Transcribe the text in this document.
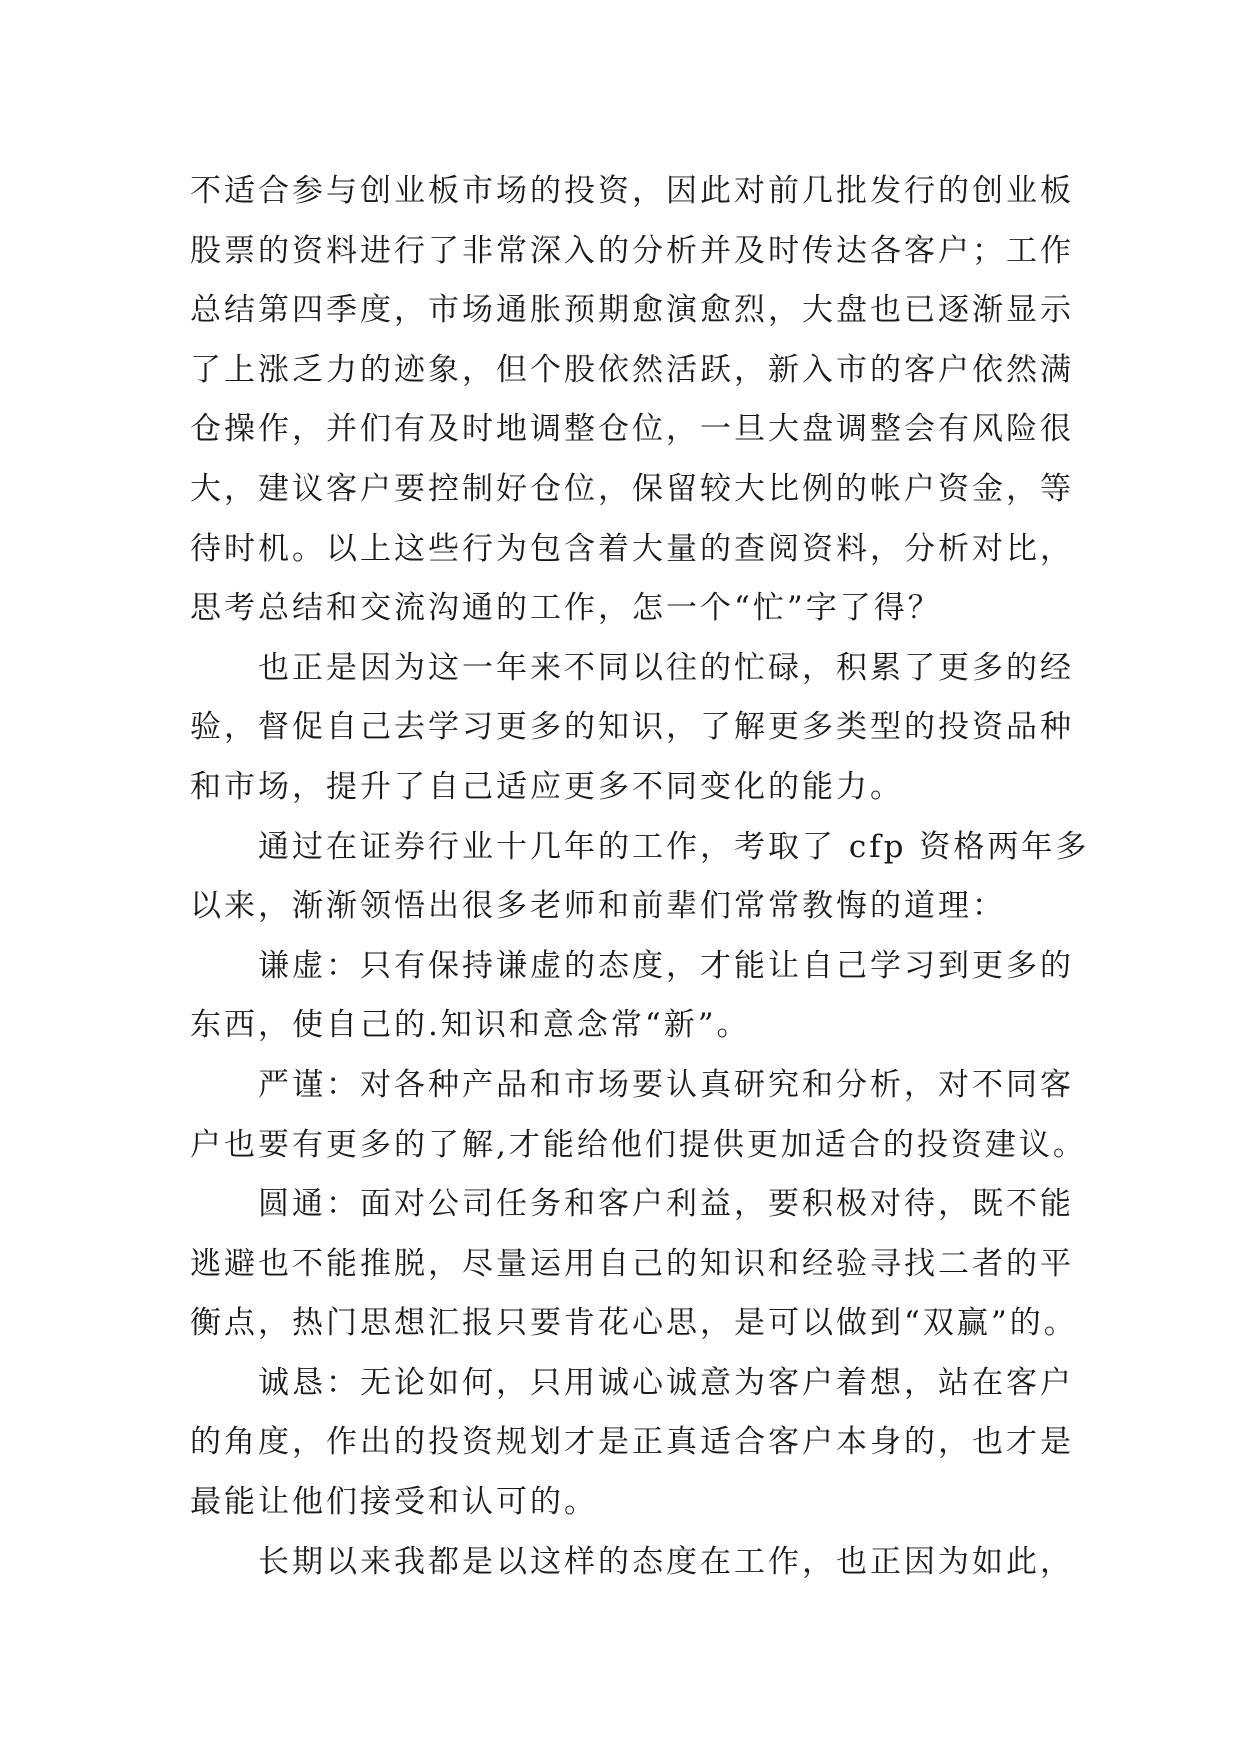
不适合参与创业板市场的投资，因此对前几批发行的创业板
股票的资料进行了非常深入的分析并及时传达各客户；工作
总结第四季度，市场通胀预期愈演愈烈，大盘也已逐渐显示
了上涨乏力的迹象，但个股依然活跃，新入市的客户依然满
仓操作，并们有及时地调整仓位，一旦大盘调整会有风险很
大，建议客户要控制好仓位，保留较大比例的帐户资金，等
待时机。以上这些行为包含着大量的查阅资料，分析对比，
思考总结和交流沟通的工作，怎一个“忙”字了得？
　　也正是因为这一年来不同以往的忙碌，积累了更多的经
验，督促自己去学习更多的知识，了解更多类型的投资品种
和市场，提升了自己适应更多不同变化的能力。
　　通过在证券行业十几年的工作，考取了 cfp 资格两年多
以来，渐渐领悟出很多老师和前辈们常常教悔的道理：
　　谦虚：只有保持谦虚的态度，才能让自己学习到更多的
东西，使自己的.知识和意念常“新”。
　　严谨：对各种产品和市场要认真研究和分析，对不同客
户也要有更多的了解,才能给他们提供更加适合的投资建议。
　　圆通：面对公司任务和客户利益，要积极对待，既不能
逃避也不能推脱，尽量运用自己的知识和经验寻找二者的平
衡点，热门思想汇报只要肯花心思，是可以做到“双赢”的。
　　诚恳：无论如何，只用诚心诚意为客户着想，站在客户
的角度，作出的投资规划才是正真适合客户本身的，也才是
最能让他们接受和认可的。
　　长期以来我都是以这样的态度在工作，也正因为如此，
